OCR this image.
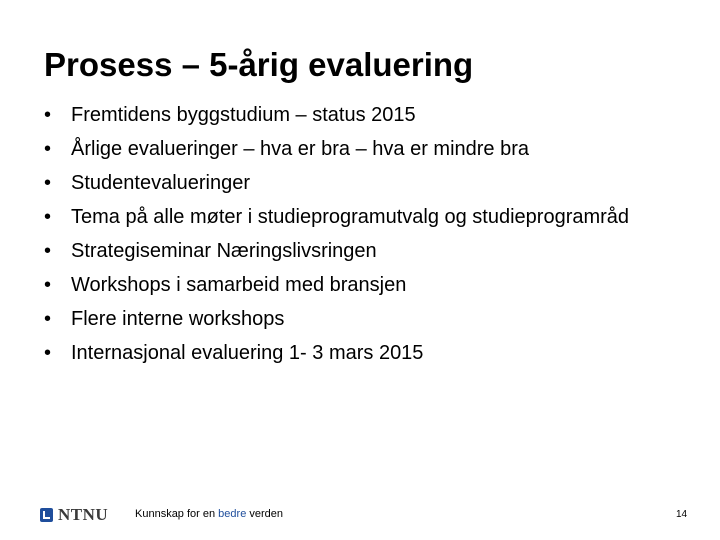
Prosess – 5-årig evaluering
• Fremtidens byggstudium – status 2015
• Årlige evalueringer – hva er bra – hva er mindre bra
• Studentevalueringer
• Tema på alle møter i studieprogramutvalg og studieprogramråd
• Strategiseminar Næringslivsringen
• Workshops i samarbeid med bransjen
• Flere interne workshops
• Internasjonal evaluering 1- 3 mars 2015
NTNU Kunnskap for en bedre verden	14
